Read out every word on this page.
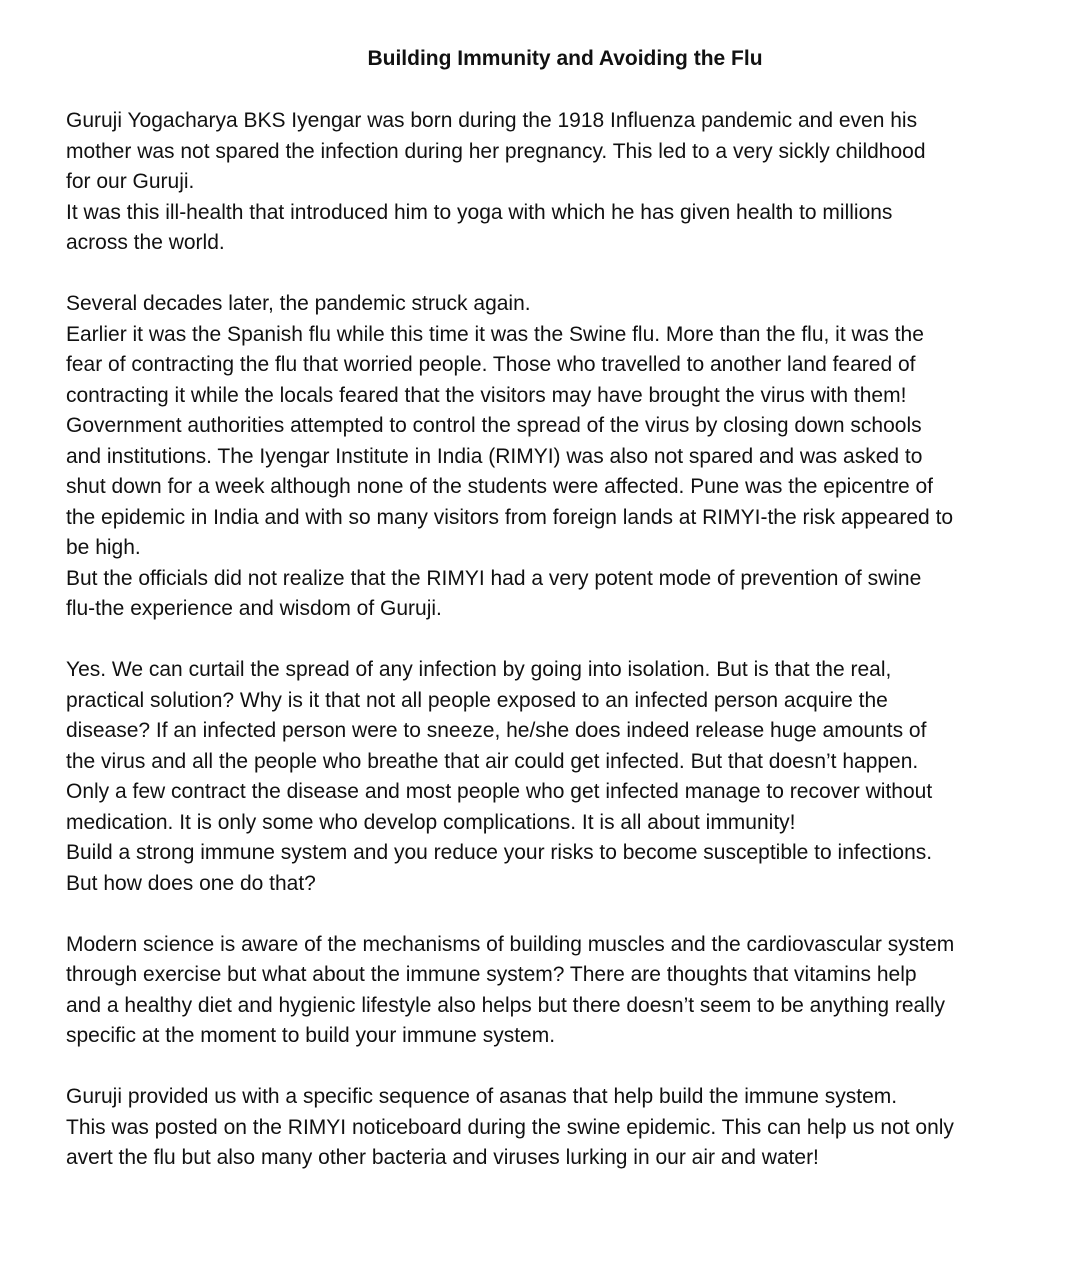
Building Immunity and Avoiding the Flu
Guruji Yogacharya BKS Iyengar was born during the 1918 Influenza pandemic and even his
mother was not spared the infection during her pregnancy. This led to a very sickly childhood
for our Guruji.
It was this ill-health that introduced him to yoga with which he has given health to millions
across the world.
Several decades later, the pandemic struck again.
Earlier it was the Spanish flu while this time it was the Swine flu. More than the flu, it was the
fear of contracting the flu that worried people. Those who travelled to another land feared of
contracting it while the locals feared that the visitors may have brought the virus with them!
Government authorities attempted to control the spread of the virus by closing down schools
and institutions. The Iyengar Institute in India (RIMYI) was also not spared and was asked to
shut down for a week although none of the students were affected. Pune was the epicentre of
the epidemic in India and with so many visitors from foreign lands at RIMYI-the risk appeared to
be high.
But the officials did not realize that the RIMYI had a very potent mode of prevention of swine
flu-the experience and wisdom of Guruji.
Yes. We can curtail the spread of any infection by going into isolation. But is that the real,
practical solution? Why is it that not all people exposed to an infected person acquire the
disease? If an infected person were to sneeze, he/she does indeed release huge amounts of
the virus and all the people who breathe that air could get infected. But that doesn’t happen.
Only a few contract the disease and most people who get infected manage to recover without
medication. It is only some who develop complications. It is all about immunity!
Build a strong immune system and you reduce your risks to become susceptible to infections.
But how does one do that?
Modern science is aware of the mechanisms of building muscles and the cardiovascular system
through exercise but what about the immune system? There are thoughts that vitamins help
and a healthy diet and hygienic lifestyle also helps but there doesn’t seem to be anything really
specific at the moment to build your immune system.
Guruji provided us with a specific sequence of asanas that help build the immune system.
This was posted on the RIMYI noticeboard during the swine epidemic. This can help us not only
avert the flu but also many other bacteria and viruses lurking in our air and water!
